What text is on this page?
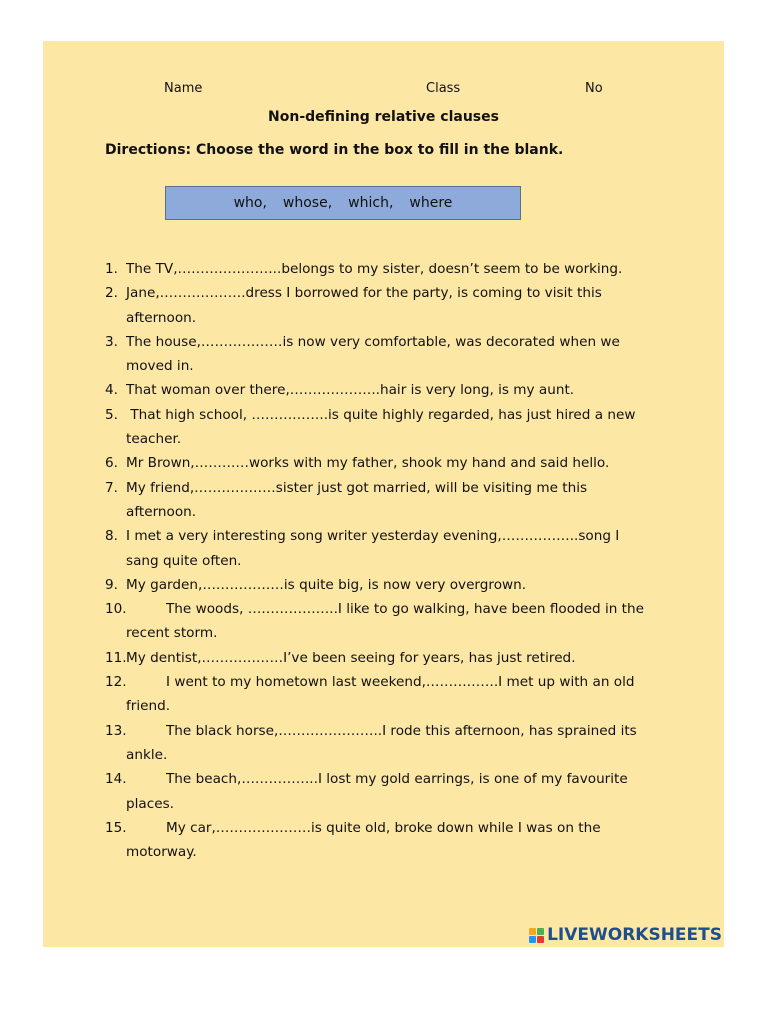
Name	Class	No
Non-defining relative clauses
Directions: Choose the word in the box to fill in the blank.
who, whose, which, where
1. The TV,…………………..belongs to my sister, doesn’t seem to be working.
2. Jane,……………….dress I borrowed for the party, is coming to visit this
afternoon.
3. The house,………………is now very comfortable, was decorated when we
moved in.
4. That woman over there,………………..hair is very long, is my aunt.
5. That high school, ……………..is quite highly regarded, has just hired a new
teacher.
6. Mr Brown,…………works with my father, shook my hand and said hello.
7. My friend,………………sister just got married, will be visiting me this
afternoon.
8. I met a very interesting song writer yesterday evening,……………..song I
sang quite often.
9. My garden,………………is quite big, is now very overgrown.
10.	The woods, ………………..I like to go walking, have been flooded in the
recent storm.
11. My dentist,………………I’ve been seeing for years, has just retired.
12.	I went to my hometown last weekend,…………….I met up with an old
friend.
13.	The black horse,…………………..I rode this afternoon, has sprained its
ankle.
14.	The beach,……………..I lost my gold earrings, is one of my favourite
places.
15.	My car,…………………is quite old, broke down while I was on the
motorway.
LIVEWORKSHEETS
